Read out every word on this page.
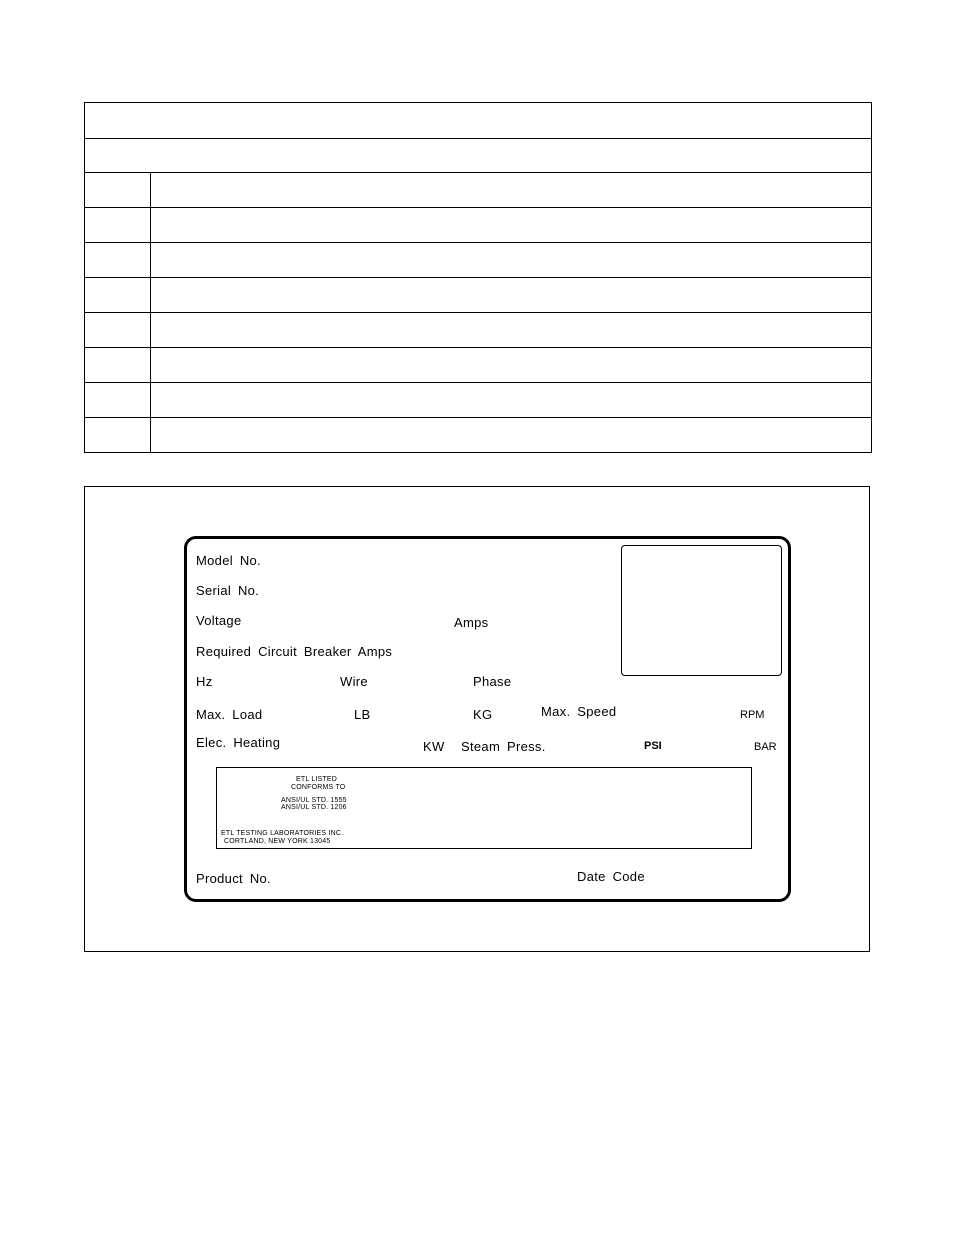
Model No.
Serial No.
Voltage	Amps
Required Circuit Breaker Amps
Hz	Wire	Phase
Max. Load	LB	KG	Max. Speed	RPM
Elec. Heating	KW Steam Press.	PSI	BAR
ETL LISTED
CONFORMS TO
ANSI/UL STD. 1555
ANSI/UL STD. 1206
ETL TESTING LABORATORIES INC.
CORTLAND, NEW YORK 13045
Product No.	Date Code
